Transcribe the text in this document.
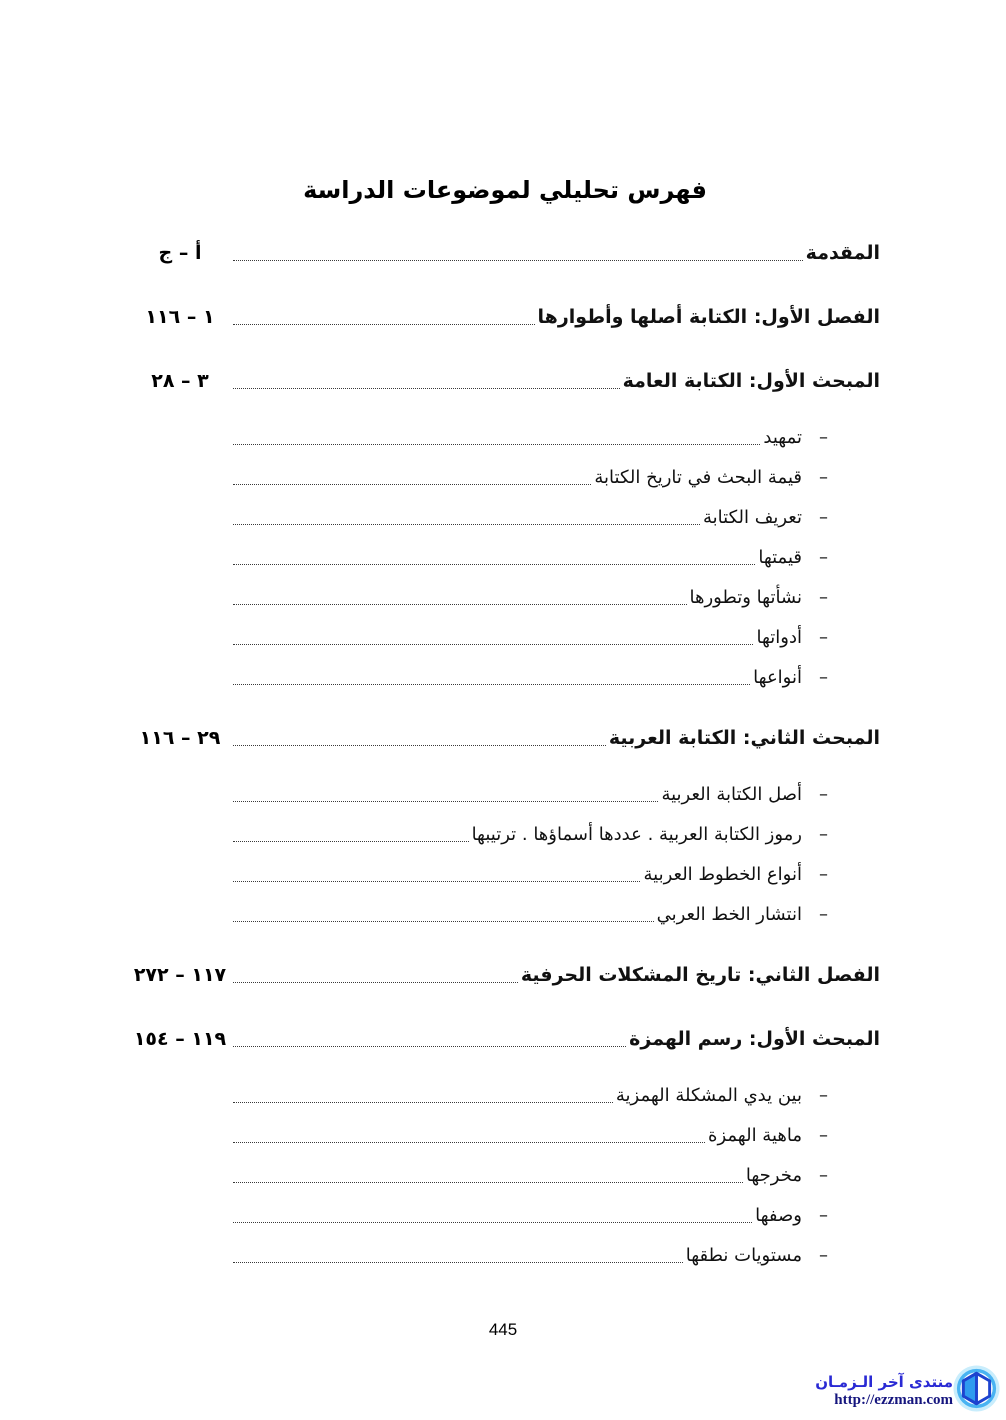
فهرس تحليلي لموضوعات الدراسة
المقدمة
أ – ج
الفصل الأول: الكتابة أصلها وأطوارها
١ – ١١٦
المبحث الأول: الكتابة العامة
٣ – ٢٨
–
تمهيد
–
قيمة البحث في تاريخ الكتابة
–
تعريف الكتابة
–
قيمتها
–
نشأتها وتطورها
–
أدواتها
–
أنواعها
المبحث الثاني: الكتابة العربية
٢٩ – ١١٦
–
أصل الكتابة العربية
–
رموز الكتابة العربية . عددها أسماؤها . ترتيبها
–
أنواع الخطوط العربية
–
انتشار الخط العربي
الفصل الثاني: تاريخ المشكلات الحرفية
١١٧ – ٢٧٢
المبحث الأول: رسم الهمزة
١١٩ – ١٥٤
–
بين يدي المشكلة الهمزية
–
ماهية الهمزة
–
مخرجها
–
وصفها
–
مستويات نطقها
445
منتدى آخر الـزمـان
http://ezzman.com
